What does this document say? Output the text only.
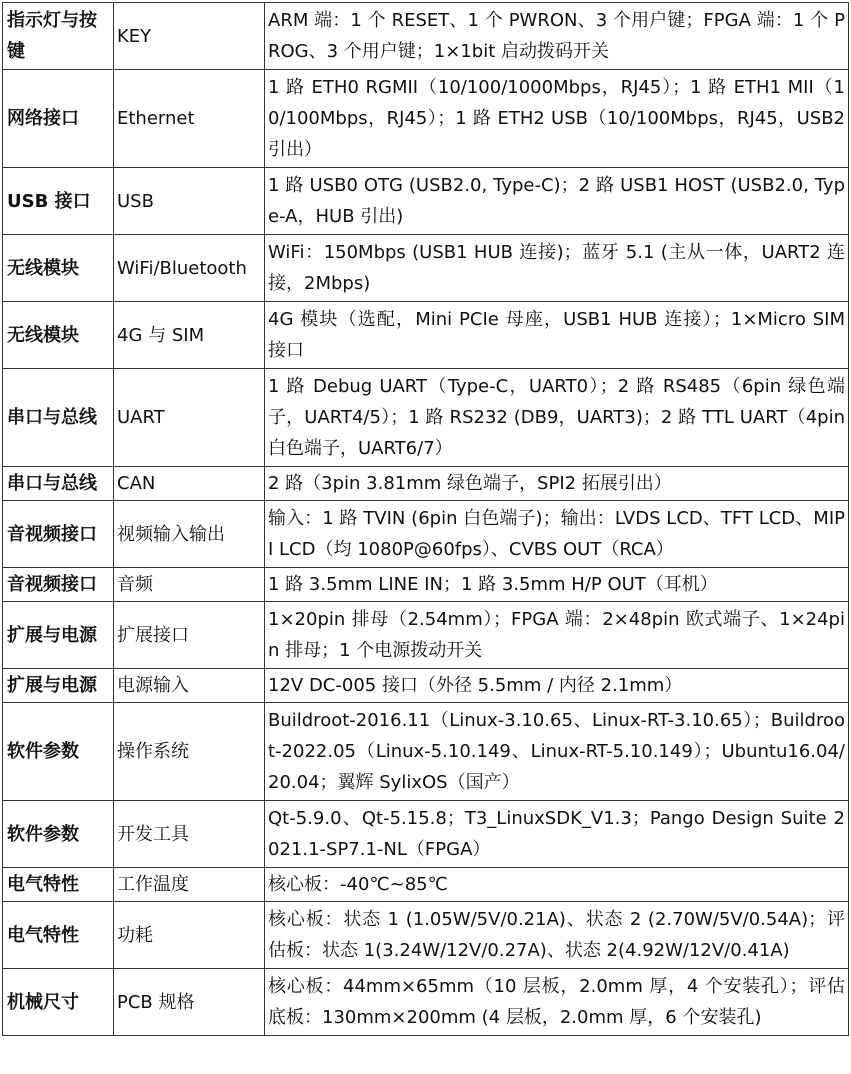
指示灯与按键	KEY	ARM 端：1 个 RESET、1 个 PWRON、3 个用户键；FPGA 端：1 个 PROG、3 个用户键；1×1bit 启动拨码开关
网络接口	Ethernet	1 路 ETH0 RGMII（10/100/1000Mbps，RJ45）；1 路 ETH1 MII（10/100Mbps，RJ45）；1 路 ETH2 USB（10/100Mbps，RJ45，USB2 引出）
USB 接口	USB	1 路 USB0 OTG (USB2.0, Type-C)；2 路 USB1 HOST (USB2.0, Type-A，HUB 引出)
无线模块	WiFi/Bluetooth	WiFi：150Mbps (USB1 HUB 连接)；蓝牙 5.1 (主从一体，UART2 连接，2Mbps)
无线模块	4G 与 SIM	4G 模块（选配，Mini PCIe 母座，USB1 HUB 连接）；1×Micro SIM 接口
串口与总线	UART	1 路 Debug UART（Type-C，UART0）；2 路 RS485（6pin 绿色端子，UART4/5）；1 路 RS232 (DB9，UART3)；2 路 TTL UART（4pin 白色端子，UART6/7）
串口与总线	CAN	2 路（3pin 3.81mm 绿色端子，SPI2 拓展引出）
音视频接口	视频输入输出	输入：1 路 TVIN (6pin 白色端子)；输出：LVDS LCD、TFT LCD、MIPI LCD（均 1080P@60fps）、CVBS OUT（RCA）
音视频接口	音频	1 路 3.5mm LINE IN；1 路 3.5mm H/P OUT（耳机）
扩展与电源	扩展接口	1×20pin 排母（2.54mm）；FPGA 端：2×48pin 欧式端子、1×24pin 排母；1 个电源拨动开关
扩展与电源	电源输入	12V DC-005 接口（外径 5.5mm / 内径 2.1mm）
软件参数	操作系统	Buildroot-2016.11（Linux-3.10.65、Linux-RT-3.10.65）；Buildroot-2022.05（Linux-5.10.149、Linux-RT-5.10.149）；Ubuntu16.04/20.04；翼辉 SylixOS（国产）
软件参数	开发工具	Qt-5.9.0、Qt-5.15.8；T3_LinuxSDK_V1.3；Pango Design Suite 2021.1-SP7.1-NL（FPGA）
电气特性	工作温度	核心板：-40℃~85℃
电气特性	功耗	核心板：状态 1 (1.05W/5V/0.21A)、状态 2 (2.70W/5V/0.54A)；评估板：状态 1(3.24W/12V/0.27A)、状态 2(4.92W/12V/0.41A)
机械尺寸	PCB 规格	核心板：44mm×65mm（10 层板，2.0mm 厚，4 个安装孔）；评估底板：130mm×200mm (4 层板，2.0mm 厚，6 个安装孔)
